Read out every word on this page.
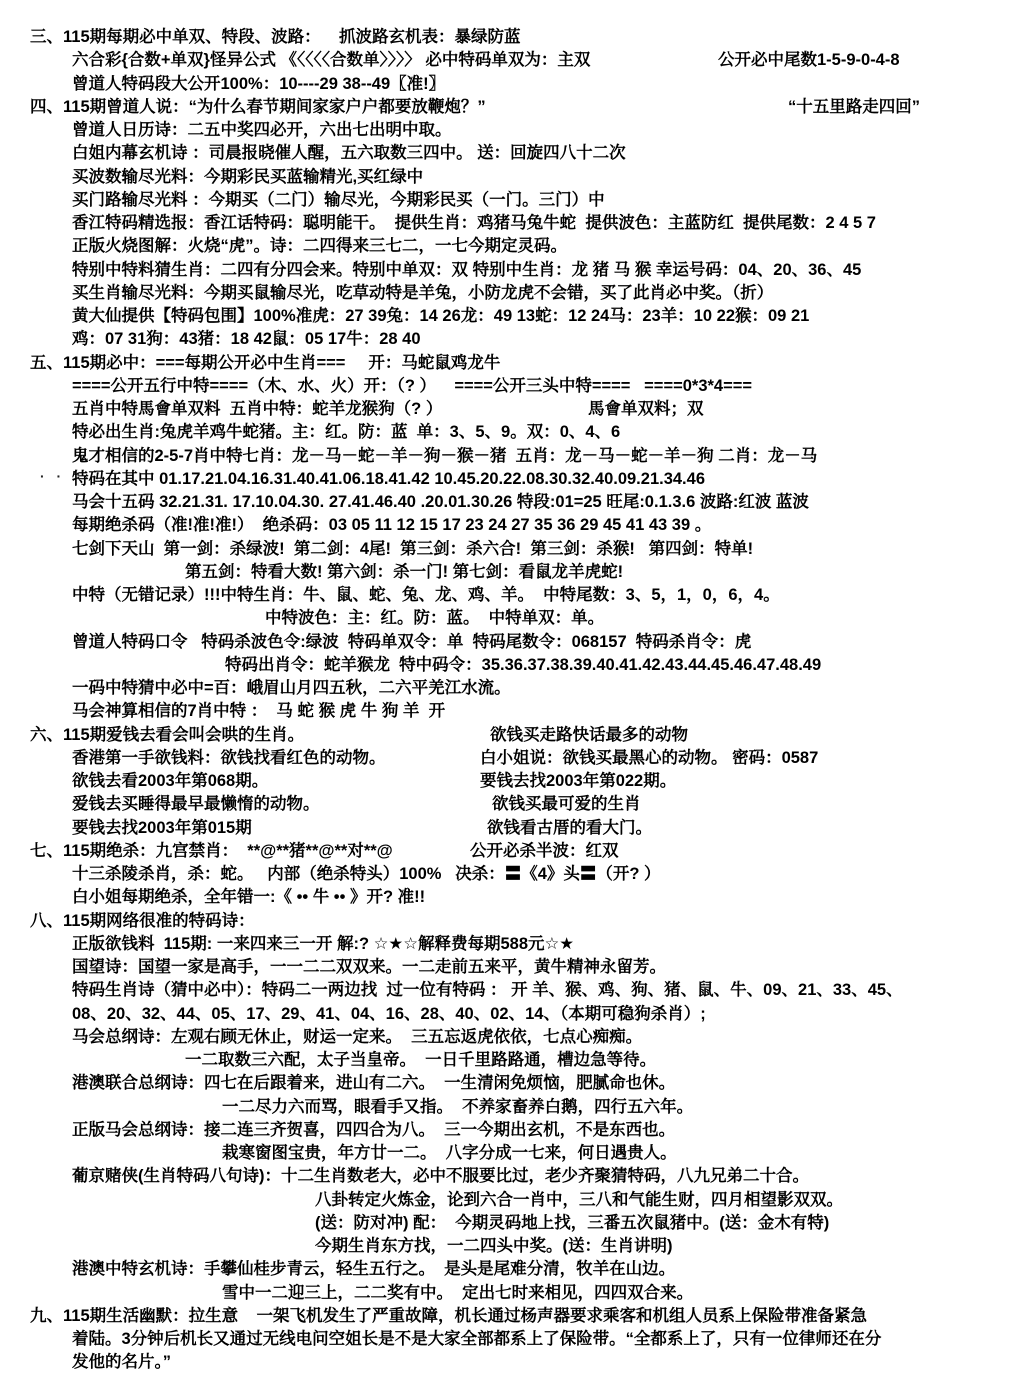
三、115期每期必中单双、特段、波路：    抓波路玄机表：暴绿防蓝
六合彩{合数+单双}怪异公式 《〈〈〈〈合数单〉〉〉〉 必中特码单双为：主双	公开必中尾数1-5-9-0-4-8
曾道人特码段大公开100%：10----29 38--49〖准!〗
四、115期曾道人说：“为什么春节期间家家户户都要放鞭炮？”	“十五里路走四回”
曾道人日历诗：二五中奖四必开，六出七出明中取。
白姐内幕玄机诗 ：司晨报晓催人醒，五六取数三四中。 送：回旋四八十二次
买波数输尽光料：今期彩民买蓝输精光,买红绿中
买门路输尽光料 ：今期买（二门）输尽光，今期彩民买（一门。三门）中
香江特码精选报：香江话特码：聪明能干。  提供生肖：鸡猪马兔牛蛇  提供波色：主蓝防红  提供尾数：2 4 5 7
正版火烧图解：火烧“虎”。诗：二四得来三七二，一七今期定灵码。
特别中特料猜生肖：二四有分四会来。特别中单双：双 特别中生肖：龙 猪 马 猴 幸运号码：04、20、36、45
买生肖输尽光料：今期买鼠输尽光，吃草动特是羊兔，小防龙虎不会错，买了此肖必中奖。（折）
黄大仙提供【特码包围】100%准虎：27 39兔：14 26龙：49 13蛇：12 24马：23羊：10 22猴：09 21
鸡：07 31狗：43猪：18 42鼠：05 17牛：28 40
五、115期必中：===每期公开必中生肖===     开：马蛇鼠鸡龙牛
====公开五行中特====（木、水、火）开：（? ）    ====公开三头中特====   ====0*3*4===
五肖中特馬會单双料  五肖中特：蛇羊龙猴狗（? ）	馬會单双料；双
特必出生肖:兔虎羊鸡牛蛇猪。主：红。防：蓝  单：3、5、9。双：0、4、6
鬼才相信的2-5-7肖中特七肖：龙－马－蛇－羊－狗－猴－猪  五肖：龙－马－蛇－羊－狗 二肖：龙－马
特码在其中 01.17.21.04.16.31.40.41.06.18.41.42 10.45.20.22.08.30.32.40.09.21.34.46
马会十五码 32.21.31. 17.10.04.30. 27.41.46.40 .20.01.30.26 特段:01=25 旺尾:0.1.3.6 波路:红波 蓝波
每期绝杀码（准!准!准!）  绝杀码：03 05 11 12 15 17 23 24 27 35 36 29 45 41 43 39 。
七剑下天山  第一剑：杀绿波!  第二剑：4尾!  第三剑：杀六合!  第三剑：杀猴!   第四剑：特单!
第五剑：特看大数! 第六剑：杀一门! 第七剑：看鼠龙羊虎蛇!
中特（无错记录）!!!中特生肖：牛、鼠、蛇、兔、龙、鸡、羊。  中特尾数：3、5，1，0，6，4。
中特波色：主：红。防：蓝。  中特单双：单。
曾道人特码口令   特码杀波色令:绿波  特码单双令：单  特码尾数令：068157  特码杀肖令：虎
特码出肖令：蛇羊猴龙  特中码令：35.36.37.38.39.40.41.42.43.44.45.46.47.48.49
一码中特猜中必中=百：峨眉山月四五秋，二六平羌江水流。
马会神算相信的7肖中特 ：  马 蛇 猴 虎 牛 狗 羊  开
六、115期爱钱去看会叫会哄的生肖。	欲钱买走路快话最多的动物
香港第一手欲钱料：欲钱找看红色的动物。	白小姐说：欲钱买最黑心的动物。 密码：0587
欲钱去看2003年第068期。	要钱去找2003年第022期。
爱钱去买睡得最早最懒惰的动物。	欲钱买最可爱的生肖
要钱去找2003年第015期	欲钱看古厝的看大门。
七、115期绝杀：九宫禁肖：  **@**猪**@**对**@	公开必杀半波：红双
十三杀陵杀肖，杀：蛇。   内部（绝杀特头）100%   决杀：〓《4》头〓（开? ）
白小姐每期绝杀，全年错一:《 •• 牛 •• 》开? 准!!
八、115期网络很准的特码诗：
正版欲钱料  115期: 一来四来三一开 解:? ☆★☆解释费每期588元☆★
国望诗：国望一家是高手，一一二二双双来。一二走前五来平，黄牛精神永留芳。
特码生肖诗（猜中必中）：特码二一两边找  过一位有特码 ： 开 羊、猴、鸡、狗、猪、鼠、牛、09、21、33、45、
08、20、32、44、05、17、29、41、04、16、28、40、02、14、（本期可稳狗杀肖）;
马会总纲诗：左观右顾无休止，财运一定来。  三五忘返虎依依，七点心痴痴。
一二取数三六配，太子当皇帝。  一日千里路路通，槽边急等待。
港澳联合总纲诗：四七在后跟着来，进山有二六。  一生清闲免烦恼，肥腻命也休。
一二尽力六而骂，眼看手又指。  不养家畜养白鹅，四行五六年。
正版马会总纲诗：接二连三齐贺喜，四四合为八。  三一今期出玄机，不是东西也。
栽寒窗图宝贵，年方廿一二。  八字分成一七来，何日遇贵人。
葡京赌侠(生肖特码八句诗)：十二生肖数老大，必中不服要比过，老少齐聚猜特码，八九兄弟二十合。
八卦转定火炼金，论到六合一肖中，三八和气能生财，四月相望影双双。
(送：防对冲) 配：  今期灵码地上找，三番五次鼠猪中。(送：金木有特)
今期生肖东方找，一二四头中奖。(送：生肖讲明)
港澳中特玄机诗：手攀仙桂步青云，轻生五行之。  是头是尾难分清，牧羊在山边。
雪中一二迎三上，二二奖有中。  定出七时来相见，四四双合来。
九、115期生活幽默：拉生意    一架飞机发生了严重故障，机长通过杨声器要求乘客和机组人员系上保险带准备紧急
着陆。3分钟后机长又通过无线电问空姐长是不是大家全部都系上了保险带。“全都系上了，只有一位律师还在分
发他的名片。”
· ·
